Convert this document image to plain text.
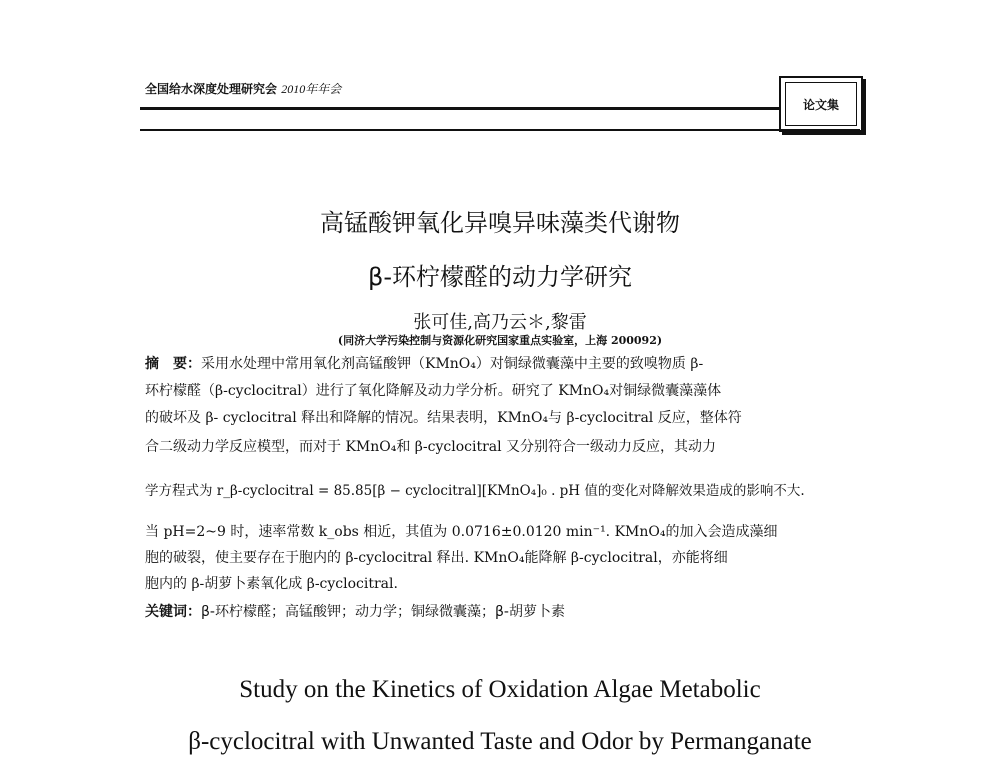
全国给水深度处理研究会 2010年年会
论文集
高锰酸钾氧化异嗅异味藻类代谢物
β-环柠檬醛的动力学研究
张可佳,高乃云＊,黎雷
(同济大学污染控制与资源化研究国家重点实验室，上海 200092)
摘　要：采用水处理中常用氧化剂高锰酸钾（KMnO₄）对铜绿微囊藻中主要的致嗅物质 β-
环柠檬醛（β-cyclocitral）进行了氧化降解及动力学分析。研究了 KMnO₄对铜绿微囊藻藻体
的破坏及 β- cyclocitral 释出和降解的情况。结果表明，KMnO₄与 β-cyclocitral 反应，整体符
合二级动力学反应模型，而对于 KMnO₄和 β-cyclocitral 又分别符合一级动力反应，其动力
学方程式为 r_β-cyclocitral = 85.85[β − cyclocitral][KMnO₄]₀ . pH 值的变化对降解效果造成的影响不大.
当 pH=2~9 时，速率常数 k_obs 相近，其值为 0.0716±0.0120 min⁻¹. KMnO₄的加入会造成藻细
胞的破裂，使主要存在于胞内的 β-cyclocitral 释出. KMnO₄能降解 β-cyclocitral，亦能将细
胞内的 β-胡萝卜素氧化成 β-cyclocitral.
关键词：β-环柠檬醛；高锰酸钾；动力学；铜绿微囊藻；β-胡萝卜素
Study on the Kinetics of Oxidation Algae Metabolic
β-cyclocitral with Unwanted Taste and Odor by Permanganate
